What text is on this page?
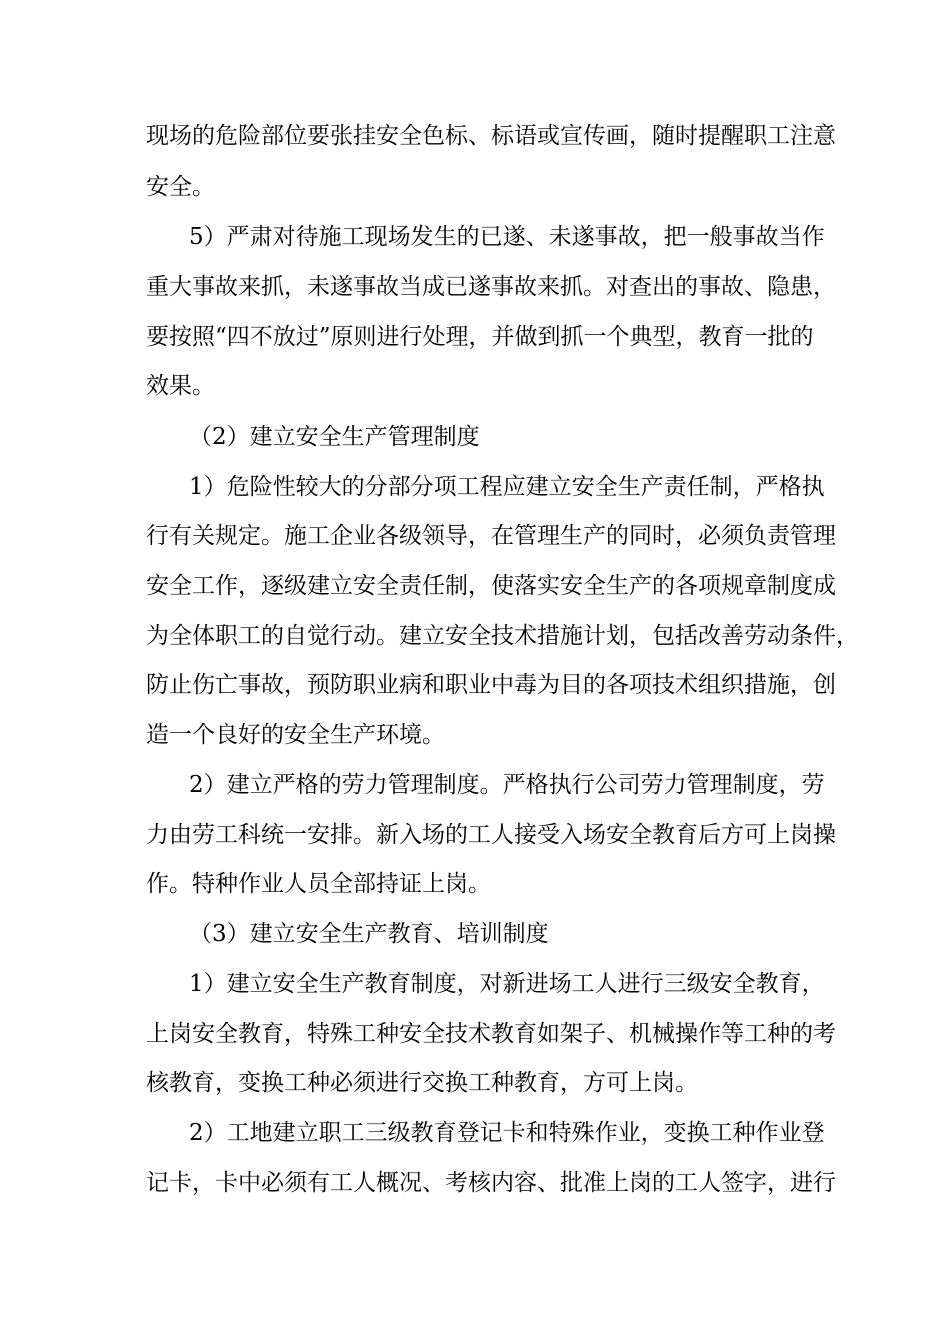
现场的危险部位要张挂安全色标、标语或宣传画，随时提醒职工注意
安全。
5）严肃对待施工现场发生的已遂、未遂事故，把一般事故当作
重大事故来抓，未遂事故当成已遂事故来抓。对查出的事故、隐患，
要按照“四不放过”原则进行处理，并做到抓一个典型，教育一批的
效果。
（2）建立安全生产管理制度
1）危险性较大的分部分项工程应建立安全生产责任制，严格执
行有关规定。施工企业各级领导，在管理生产的同时，必须负责管理
安全工作，逐级建立安全责任制，使落实安全生产的各项规章制度成
为全体职工的自觉行动。建立安全技术措施计划，包括改善劳动条件，
防止伤亡事故，预防职业病和职业中毒为目的各项技术组织措施，创
造一个良好的安全生产环境。
2）建立严格的劳力管理制度。严格执行公司劳力管理制度，劳
力由劳工科统一安排。新入场的工人接受入场安全教育后方可上岗操
作。特种作业人员全部持证上岗。
（3）建立安全生产教育、培训制度
1）建立安全生产教育制度，对新进场工人进行三级安全教育，
上岗安全教育，特殊工种安全技术教育如架子、机械操作等工种的考
核教育，变换工种必须进行交换工种教育，方可上岗。
2）工地建立职工三级教育登记卡和特殊作业，变换工种作业登
记卡，卡中必须有工人概况、考核内容、批准上岗的工人签字，进行
